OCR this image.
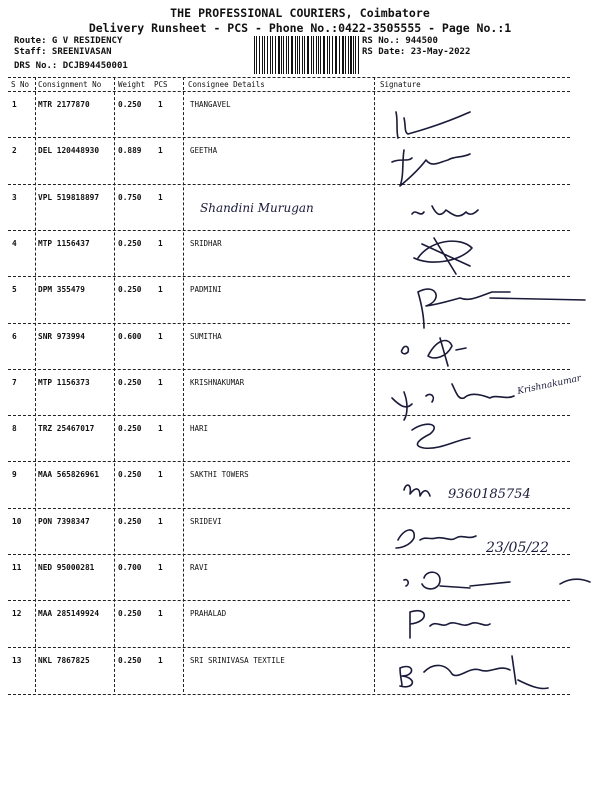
THE PROFESSIONAL COURIERS, Coimbatore
Delivery Runsheet - PCS - Phone No.:0422-3505555 - Page No.:1
Route: G V RESIDENCY
Staff: SREENIVASAN
DRS No.: DCJB94450001
RS No.: 944500
RS Date: 23-May-2022
S No Consignment No Weight PCS	Consignee Details	Signature
1	MTR 2177870	0.250 1	THANGAVEL
2	DEL 120448930 0.889 1	GEETHA
3	VPL 519818897 0.750 1
4	MTP 1156437	0.250 1	SRIDHAR
5	DPM 355479	0.250 1	PADMINI
6	SNR 973994	0.600 1	SUMITHA
7	MTP 1156373	0.250 1	KRISHNAKUMAR
8	TRZ 25467017	0.250 1	HARI
9	MAA 565826961 0.250 1	SAKTHI TOWERS
10 PON 7398347	0.250 1	SRIDEVI
11 NED 95000281	0.700 1	RAVI
12 MAA 285149924 0.250 1	PRAHALAD
13 NKL 7867825	0.250 1	SRI SRINIVASA TEXTILE
Shandini Murugan
Krishnakumar
9360185754
23/05/22
